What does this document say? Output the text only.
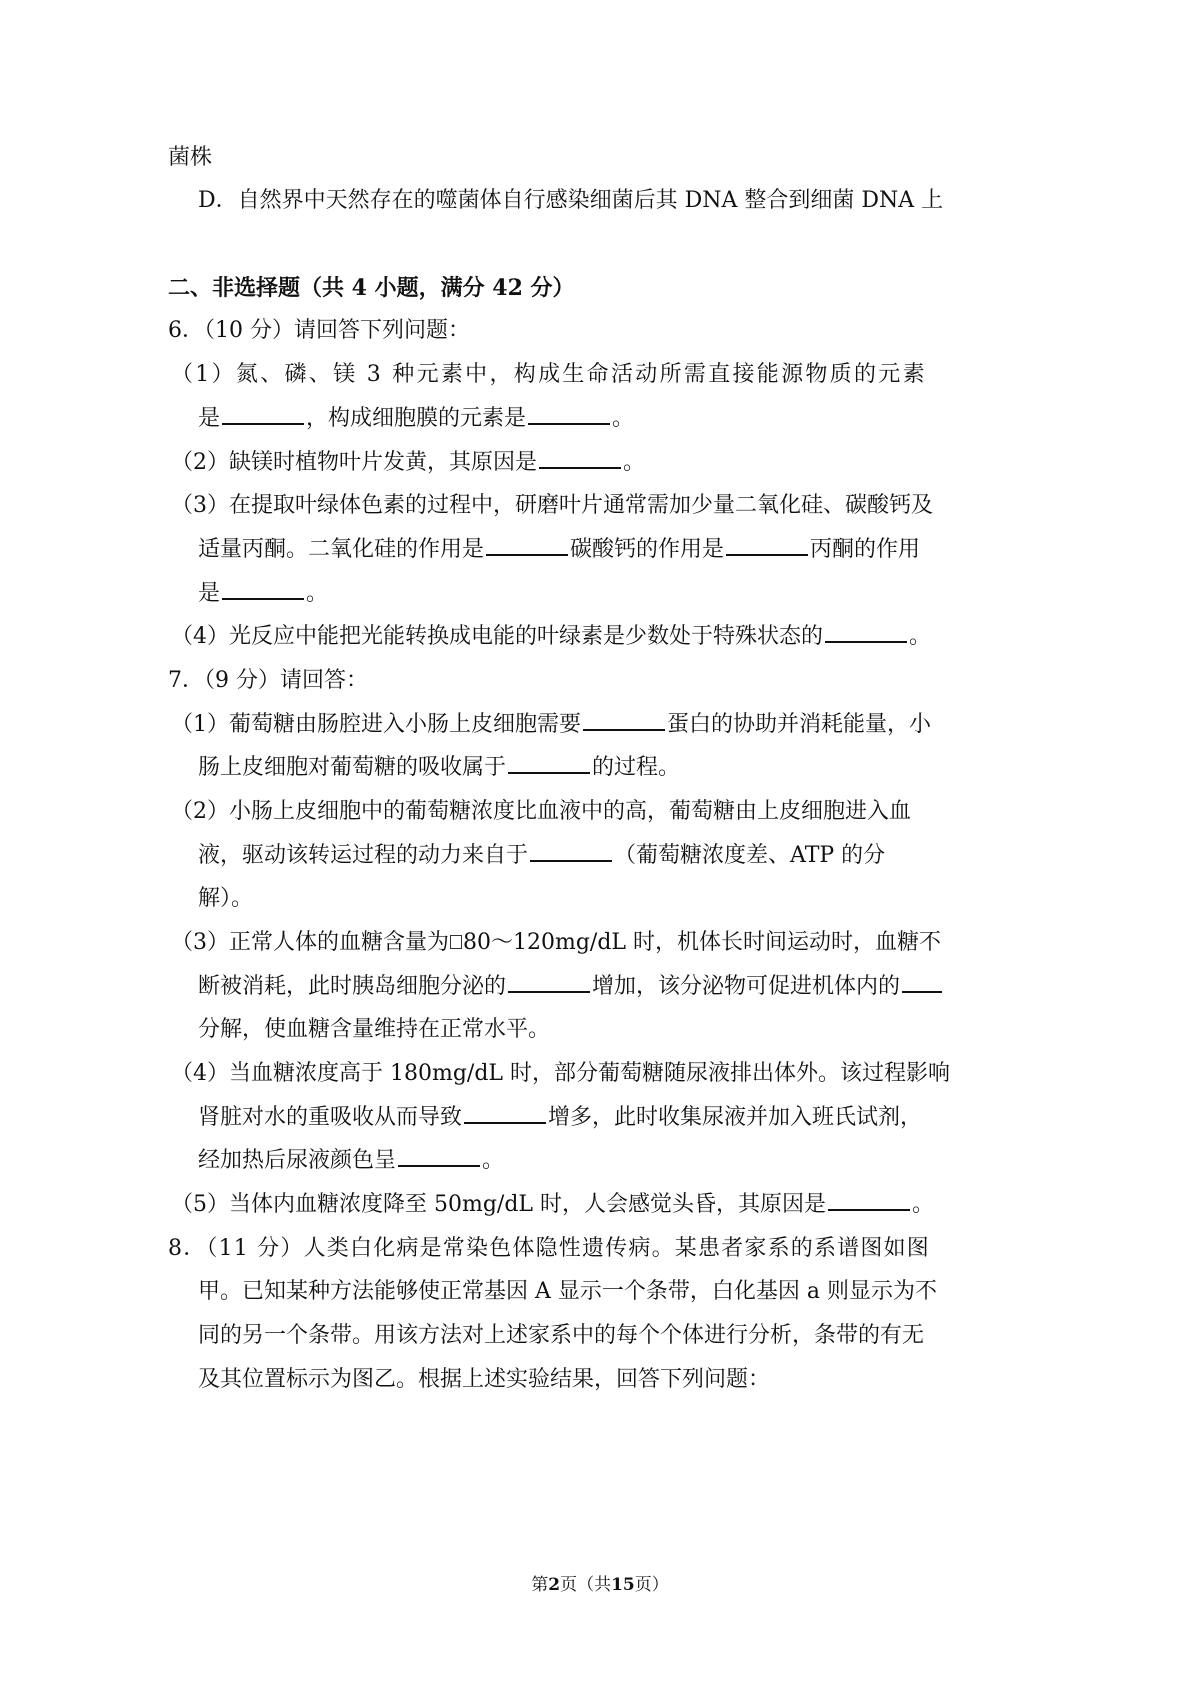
菌株
D．自然界中天然存在的噬菌体自行感染细菌后其 DNA 整合到细菌 DNA 上
二、非选择题（共 4 小题，满分 42 分）
6．（10 分）请回答下列问题：
（1）氮、磷、镁 3 种元素中，构成生命活动所需直接能源物质的元素
是	，构成细胞膜的元素是	。
（2）缺镁时植物叶片发黄，其原因是	。
（3）在提取叶绿体色素的过程中，研磨叶片通常需加少量二氧化硅、碳酸钙及
适量丙酮。二氧化硅的作用是	碳酸钙的作用是	丙酮的作用
是	。
（4）光反应中能把光能转换成电能的叶绿素是少数处于特殊状态的	。
7．（9 分）请回答：
（1）葡萄糖由肠腔进入小肠上皮细胞需要	蛋白的协助并消耗能量，小
肠上皮细胞对葡萄糖的吸收属于	的过程。
（2）小肠上皮细胞中的葡萄糖浓度比血液中的高，葡萄糖由上皮细胞进入血
液，驱动该转运过程的动力来自于	（葡萄糖浓度差、ATP 的分
解）。
（3）正常人体的血糖含量为 80～120mg/dL 时，机体长时间运动时，血糖不
断被消耗，此时胰岛细胞分泌的	增加，该分泌物可促进机体内的
分解，使血糖含量维持在正常水平。
（4）当血糖浓度高于 180mg/dL 时，部分葡萄糖随尿液排出体外。该过程影响
肾脏对水的重吸收从而导致	增多，此时收集尿液并加入班氏试剂，
经加热后尿液颜色呈	。
（5）当体内血糖浓度降至 50mg/dL 时，人会感觉头昏，其原因是	。
8．（11 分）人类白化病是常染色体隐性遗传病。某患者家系的系谱图如图
甲。已知某种方法能够使正常基因 A 显示一个条带，白化基因 a 则显示为不
同的另一个条带。用该方法对上述家系中的每个个体进行分析，条带的有无
及其位置标示为图乙。根据上述实验结果，回答下列问题：
第2页（共15页）
